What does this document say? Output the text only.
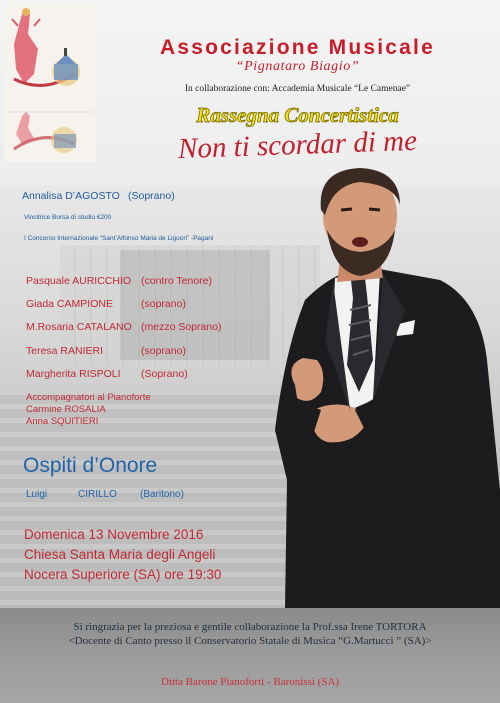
Associazione Musicale
“Pignataro Biagio”
In collaborazione con: Accademia Musicale “Le Camenae”
Rassegna Concertistica
Non ti scordar di me
Annalisa D’AGOSTO (Soprano)
Vincitrice Borsa di studio €200
I Concorso Internazionale “Sant’Alfonso Maria de Liguori” -Pagani
Pasquale AURICCHIO (contro Tenore)
Giada CAMPIONE	(soprano)
M.Rosaria CATALANO (mezzo Soprano)
Teresa RANIERI	(soprano)
Margherita RISPOLI (Soprano)
Accompagnatori al Pianoforte
Carmine ROSALIA
Anna SQUITIERI
Ospiti d’Onore
Luigi	CIRILLO (Baritono)
Domenica 13 Novembre 2016
Chiesa Santa Maria degli Angeli
Nocera Superiore (SA) ore 19:30
Si ringrazia per la preziosa e gentile collaborazione la Prof.ssa Irene TORTORA
<Docente di Canto presso il Conservatorio Statale di Musica “G.Martucci ” (SA)>
Ditta Barone Pianoforti - Baronissi (SA)
